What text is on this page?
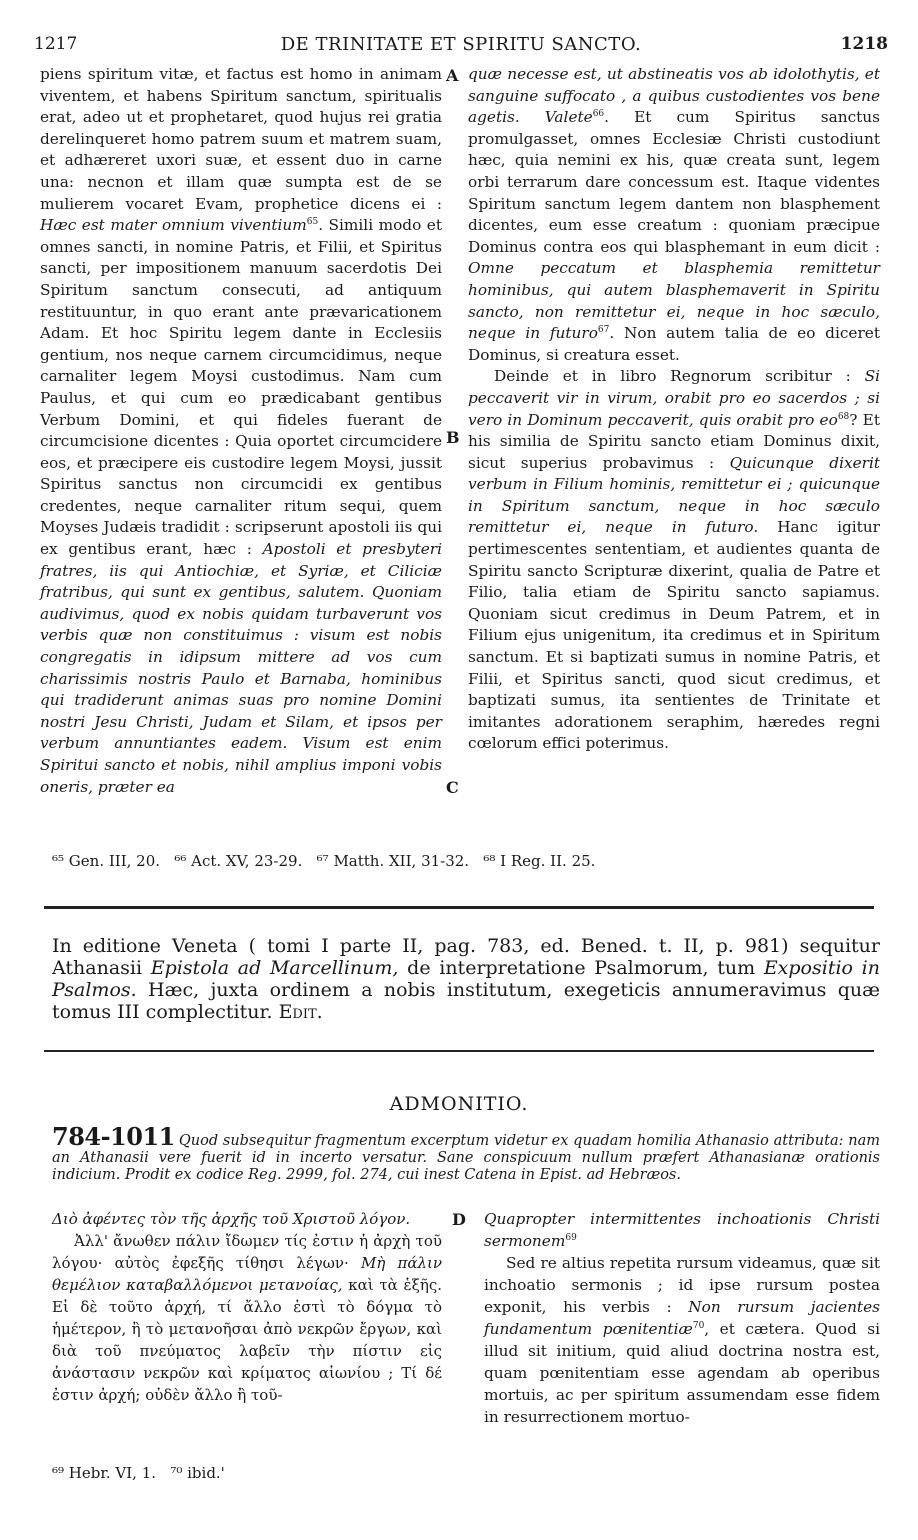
1217	DE TRINITATE ET SPIRITU SANCTO.	1218

piens spiritum vitæ, et factus est homo in animam viventem, et habens Spiritum sanctum, spiritualis erat, adeo ut et prophetaret, quod hujus rei gratia derelinqueret homo patrem suum et matrem suam, et adhæreret uxori suæ, et essent duo in carne una: necnon et illam quæ sumpta est de se mulierem vocaret Evam, prophetice dicens ei : Hæc est mater omnium viventium$^{65}$. Simili modo et omnes sancti, in nomine Patris, et Filii, et Spiritus sancti, per impositionem manuum sacerdotis Dei Spiritum sanctum consecuti, ad antiquum restituuntur, in quo erant ante prævaricationem Adam. Et hoc Spiritu legem dante in Ecclesiis gentium, nos neque carnem circumcidimus, neque carnaliter legem Moysi custodimus. Nam cum Paulus, et qui cum eo prædicabant gentibus Verbum Domini, et qui fideles fuerant de circumcisione dicentes : Quia oportet circumcidere eos, et præcipere eis custodire legem Moysi, jussit Spiritus sanctus non circumcidi ex gentibus credentes, neque carnaliter ritum sequi, quem Moyses Judæis tradidit : scripserunt apostoli iis qui ex gentibus erant, hæc : Apostoli et presbyteri fratres, iis qui Antiochiæ, et Syriæ, et Ciliciæ fratribus, qui sunt ex gentibus, salutem. Quoniam audivimus, quod ex nobis quidam turbaverunt vos verbis quæ non constituimus : visum est nobis congregatis in idipsum mittere ad vos cum charissimis nostris Paulo et Barnaba, hominibus qui tradiderunt animas suas pro nomine Domini nostri Jesu Christi, Judam et Silam, et ipsos per verbum annuntiantes eadem. Visum est enim Spiritui sancto et nobis, nihil amplius imponi vobis oneris, præter ea

A
B
C

quæ necesse est, ut abstineatis vos ab idolothytis, et sanguine suffocato , a quibus custodientes vos bene agetis. Valete$^{66}$. Et cum Spiritus sanctus promulgasset, omnes Ecclesiæ Christi custodiunt hæc, quia nemini ex his, quæ creata sunt, legem orbi terrarum dare concessum est. Itaque videntes Spiritum sanctum legem dantem non blasphement dicentes, eum esse creatum : quoniam præcipue Dominus contra eos qui blasphemant in eum dicit : Omne peccatum et blasphemia remittetur hominibus, qui autem blasphemaverit in Spiritu sancto, non remittetur ei, neque in hoc sæculo, neque in futuro$^{67}$. Non autem talia de eo diceret Dominus, si creatura esset.

Deinde et in libro Regnorum scribitur : Si peccaverit vir in virum, orabit pro eo sacerdos ; si vero in Dominum peccaverit, quis orabit pro $eo^{68}$? Et his similia de Spiritu sancto etiam Dominus dixit, sicut superius probavimus : Quicunque dixerit verbum in Filium hominis, remittetur ei ; quicunque in Spiritum sanctum, neque in hoc sæculo remittetur ei, neque in futuro. Hanc igitur pertimescentes sententiam, et audientes quanta de Spiritu sancto Scripturæ dixerint, qualia de Patre et Filio, talia etiam de Spiritu sancto sapiamus. Quoniam sicut credimus in Deum Patrem, et in Filium ejus unigenitum, ita credimus et in Spiritum sanctum. Et si baptizati sumus in nomine Patris, et Filii, et Spiritus sancti, quod sicut credimus, et baptizati sumus, ita sentientes de Trinitate et imitantes adorationem seraphim, hæredes regni cœlorum effici poterimus.

⁶⁵ Gen. III, 20.   ⁶⁶ Act. XV, 23-29.   ⁶⁷ Matth. XII, 31-32.   ⁶⁸ I Reg. II. 25.
In editione Veneta ( tomi I parte II, pag. 783, ed. Bened. t. II, p. 981) sequitur Athanasii Epistola ad Marcellinum, de interpretatione Psalmorum, tum Expositio in Psalmos. Hæc, juxta ordinem a nobis institutum, exegeticis annumeravimus quæ tomus III complectitur. Edit.
ADMONITIO.
784-1011 Quod subsequitur fragmentum excerptum videtur ex quadam homilia Athanasio attributa: nam an Athanasii vere fuerit id in incerto versatur. Sane conspicuum nullum præfert Athanasianæ orationis indicium. Prodit ex codice Reg. 2999, fol. 274, cui inest Catena in Epist. ad Hebræos.

Διὸ ἀφέντες τὸν τῆς ἀρχῆς τοῦ Χριστοῦ λόγον.

Ἀλλ' ἄνωθεν πάλιν ἴδωμεν τίς ἐστιν ἡ ἀρχὴ τοῦ λόγου· αὐτὸς ἐφεξῆς τίθησι λέγων· Μὴ πάλιν θεμέλιον καταβαλλόμενοι μετανοίας, καὶ τὰ ἑξῆς. Εἰ δὲ τοῦτο ἀρχή, τί ἄλλο ἐστὶ τὸ δόγμα τὸ ἡμέτερον, ἢ τὸ μετανοῆσαι ἀπὸ νεκρῶν ἔργων, καὶ διὰ τοῦ πνεύματος λαβεῖν τὴν πίστιν εἰς ἀνάστασιν νεκρῶν καὶ κρίματος αἰωνίου ; Τί δέ ἐστιν ἀρχή; οὐδὲν ἄλλο ἢ τοῦ-

D Quapropter intermittentes inchoationis Christi sermonem$^{69}$

Sed re altius repetita rursum videamus, quæ sit inchoatio sermonis ; id ipse rursum postea exponit, his verbis : Non rursum jacientes fundamentum pœnitentiæ$^{70}$, et cætera. Quod si illud sit initium, quid aliud doctrina nostra est, quam pœnitentiam esse agendam ab operibus mortuis, ac per spiritum assumendam esse fidem in resurrectionem mortuo-

⁶⁹ Hebr. VI, 1.   ⁷⁰ ibid.'
